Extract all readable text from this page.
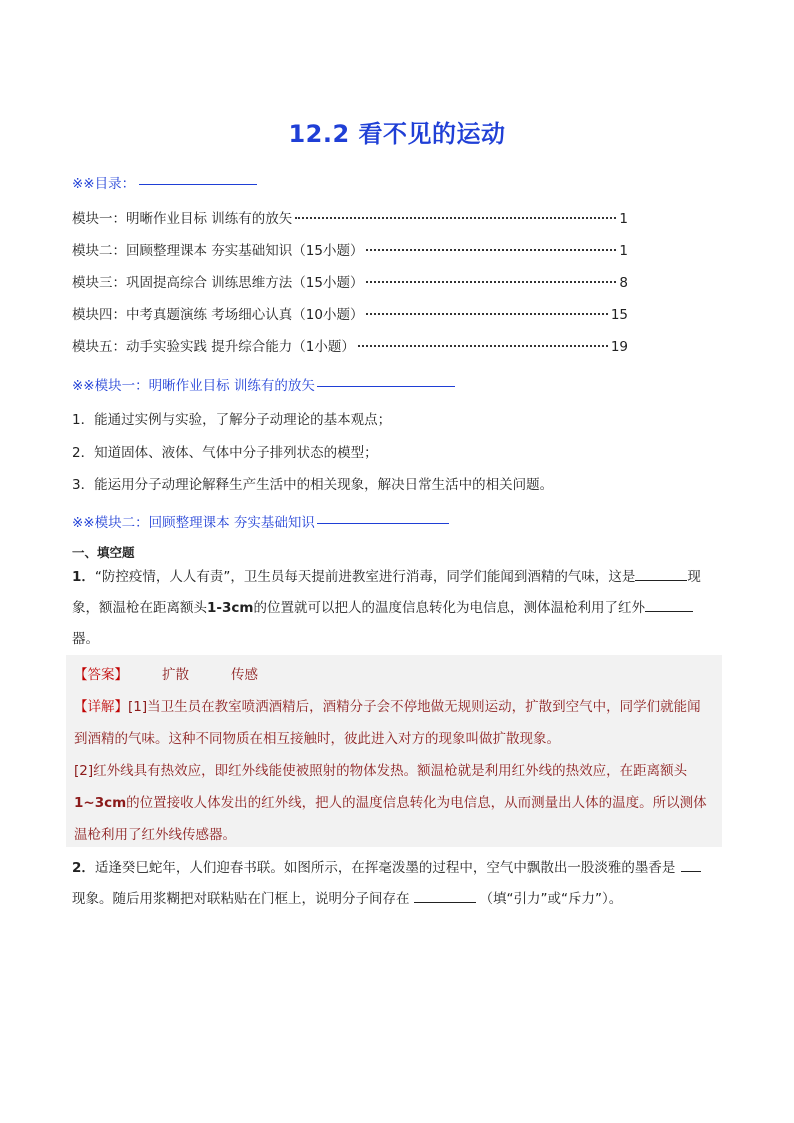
12.2 看不见的运动
※※目录：
模块一：明晰作业目标 训练有的放矢	1
模块二：回顾整理课本 夯实基础知识（15小题）	1
模块三：巩固提高综合 训练思维方法（15小题）	8
模块四：中考真题演练 考场细心认真（10小题）	15
模块五：动手实验实践 提升综合能力（1小题）	19
※※模块一：明晰作业目标 训练有的放矢
1．能通过实例与实验，了解分子动理论的基本观点；
2．知道固体、液体、气体中分子排列状态的模型；
3．能运用分子动理论解释生产生活中的相关现象，解决日常生活中的相关问题。
※※模块二：回顾整理课本 夯实基础知识
一、填空题
1．“防控疫情，人人有责”，卫生员每天提前进教室进行消毒，同学们能闻到酒精的气味，这是	现
象，额温枪在距离额头1-3cm的位置就可以把人的温度信息转化为电信息，测体温枪利用了红外
器。
【答案】	扩散	传感
【详解】[1]当卫生员在教室喷洒酒精后，酒精分子会不停地做无规则运动，扩散到空气中，同学们就能闻
到酒精的气味。这种不同物质在相互接触时，彼此进入对方的现象叫做扩散现象。
[2]红外线具有热效应，即红外线能使被照射的物体发热。额温枪就是利用红外线的热效应，在距离额头
1~3cm的位置接收人体发出的红外线，把人的温度信息转化为电信息，从而测量出人体的温度。所以测体
温枪利用了红外线传感器。
2．适逢癸巳蛇年，人们迎春书联。如图所示，在挥毫泼墨的过程中，空气中飘散出一股淡雅的墨香是
现象。随后用浆糊把对联粘贴在门框上，说明分子间存在	（填“引力”或“斥力”）。
